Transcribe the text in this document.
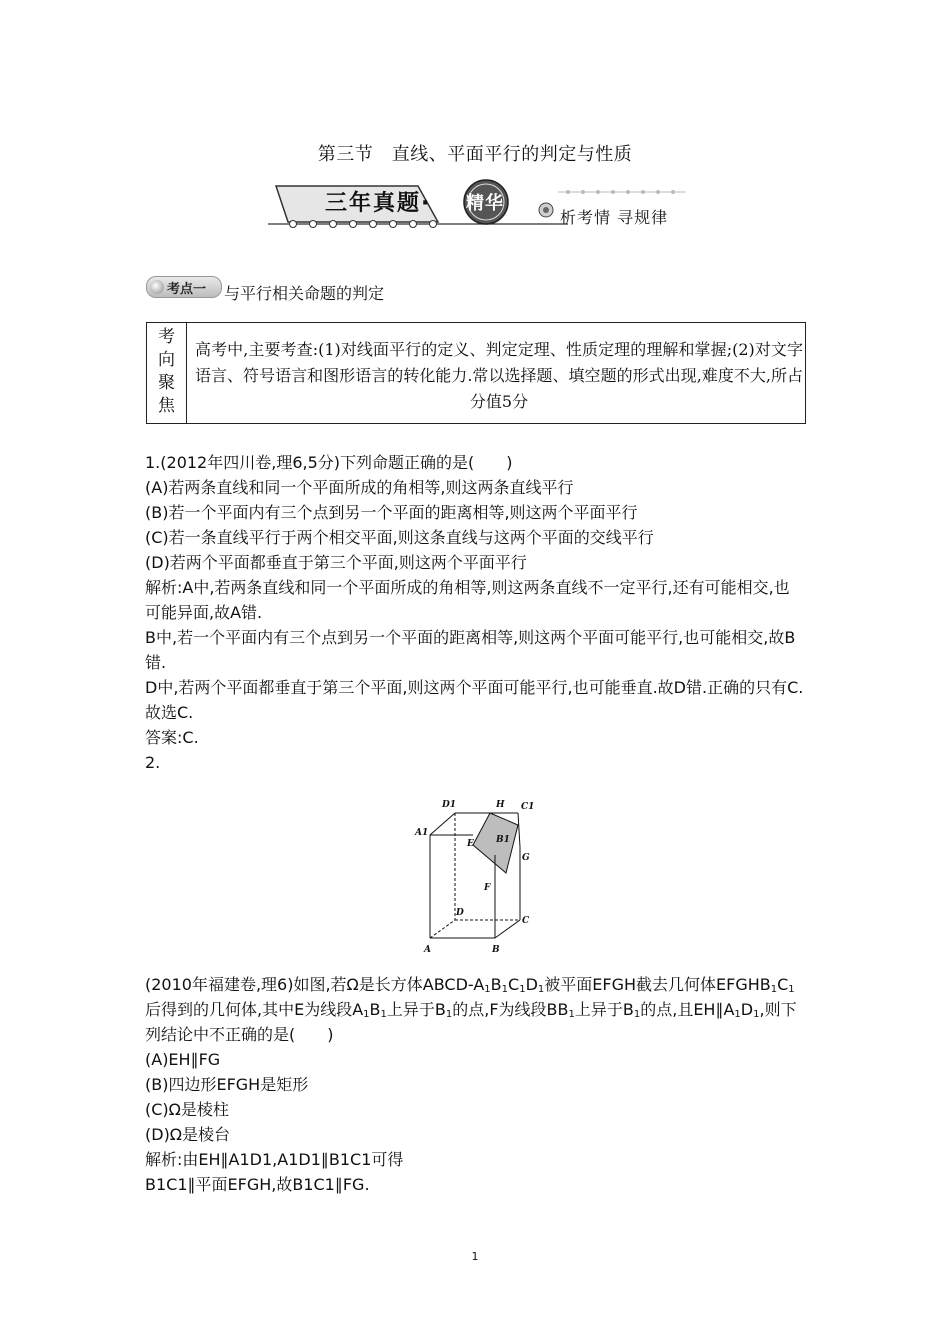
第三节　直线、平面平行的判定与性质
三年真题· 精华
析考情 寻规律
考点一 与平行相关命题的判定
考
向
聚
焦
高考中,主要考查:(1)对线面平行的定义、判定定理、性质定理的理解和掌握;(2)对文字语言、符号语言和图形语言的转化能力.常以选择题、填空题的形式出现,难度不大,所占分值5分
1.(2012年四川卷,理6,5分)下列命题正确的是(　　)
(A)若两条直线和同一个平面所成的角相等,则这两条直线平行
(B)若一个平面内有三个点到另一个平面的距离相等,则这两个平面平行
(C)若一条直线平行于两个相交平面,则这条直线与这两个平面的交线平行
(D)若两个平面都垂直于第三个平面,则这两个平面平行
解析:A中,若两条直线和同一个平面所成的角相等,则这两条直线不一定平行,还有可能相交,也可能异面,故A错.
B中,若一个平面内有三个点到另一个平面的距离相等,则这两个平面可能平行,也可能相交,故B错.
D中,若两个平面都垂直于第三个平面,则这两个平面可能平行,也可能垂直.故D错.正确的只有C.
故选C.
答案:C.
2.
D1	H C1
A1
E B1
G
F
D
C
A	B
(2010年福建卷,理6)如图,若Ω是长方体ABCD-$A_1B_1C_1D_1$被平面EFGH截去几何体$EFGHB_1C_1$后得到的几何体,其中E为线段$A_1B_1$上异于$B_1$的点,F为线段$BB_1$上异于$B_1$的点,且$EH\parallel A_1D_1$,则下列结论中不正确的是(　　)
(A)EH∥FG
(B)四边形EFGH是矩形
(C)Ω是棱柱
(D)Ω是棱台
解析:由EH∥A1D1,A1D1∥B1C1可得
B1C1∥平面EFGH,故B1C1∥FG.
1
